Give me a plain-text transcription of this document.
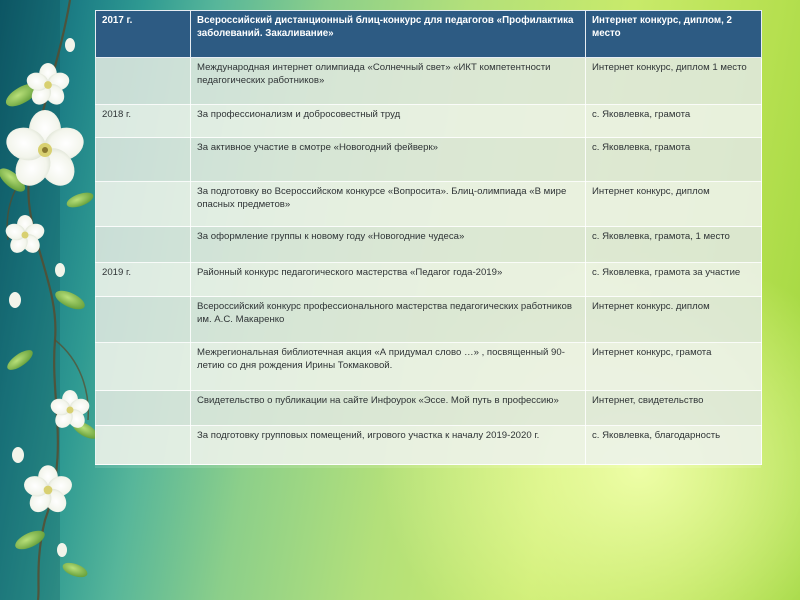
2017 г.	Всероссийский дистанционный блиц-конкурс для педагогов «Профилактика заболеваний. Закаливание»	Интернет конкурс, диплом, 2 место
	Международная интернет олимпиада «Солнечный свет» «ИКТ компетентности педагогических работников»	Интернет конкурс, диплом 1 место
2018 г.	За профессионализм и добросовестный труд	с. Яковлевка, грамота
	За активное участие в смотре «Новогодний фейверк»	с. Яковлевка, грамота
	За подготовку во Всероссийском конкурсе «Вопросита». Блиц-олимпиада «В мире опасных предметов»	Интернет конкурс, диплом
	За оформление группы к новому году «Новогодние чудеса»	с. Яковлевка, грамота, 1 место
2019 г.	Районный конкурс педагогического мастерства «Педагог года-2019»	с. Яковлевка, грамота за участие
	Всероссийский конкурс профессионального мастерства педагогических работников им. А.С. Макаренко	Интернет конкурс. диплом
	Межрегиональная библиотечная акция «А придумал слово …» , посвященный 90-летию со дня рождения Ирины Токмаковой.	Интернет конкурс, грамота
	Свидетельство о публикации на сайте Инфоурок «Эссе. Мой путь в профессию»	Интернет, свидетельство
	За подготовку групповых помещений, игрового участка к началу 2019-2020 г.	с. Яковлевка, благодарность
